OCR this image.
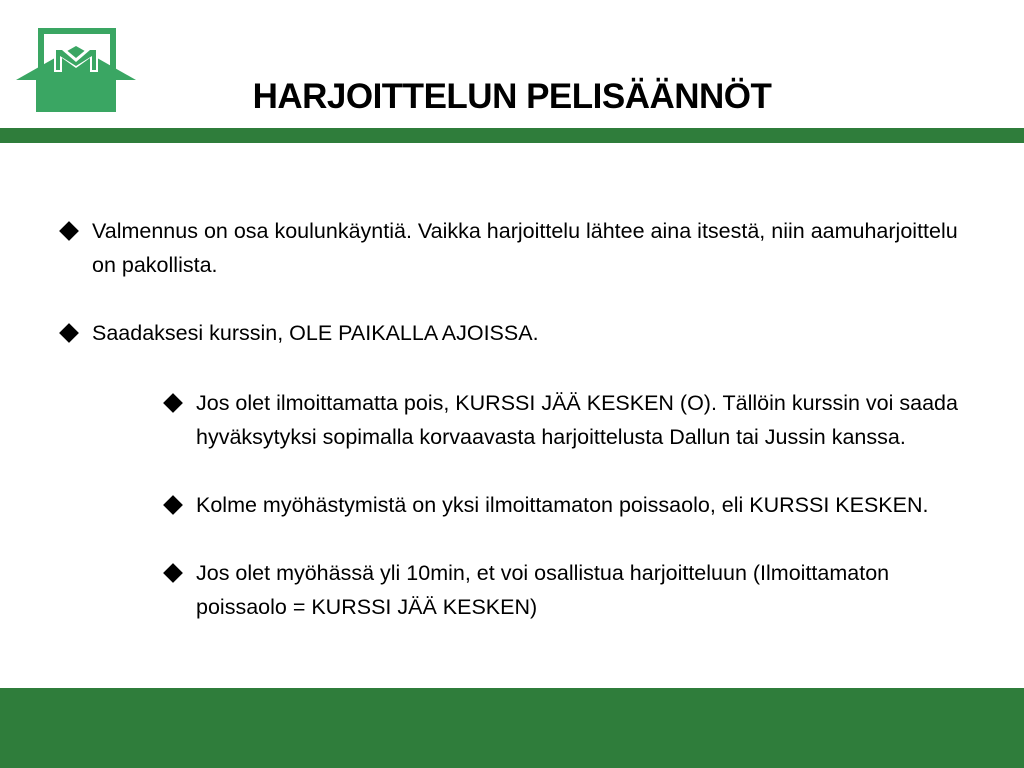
HARJOITTELUN PELISÄÄNNÖT
Valmennus on osa koulunkäyntiä. Vaikka harjoittelu lähtee aina itsestä, niin aamuharjoittelu on pakollista.
Saadaksesi kurssin, OLE PAIKALLA AJOISSA.
Jos olet ilmoittamatta pois, KURSSI JÄÄ KESKEN (O). Tällöin kurssin voi saada hyväksytyksi sopimalla korvaavasta harjoittelusta Dallun tai Jussin kanssa.
Kolme myöhästymistä on yksi ilmoittamaton poissaolo, eli KURSSI KESKEN.
Jos olet myöhässä yli 10min, et voi osallistua harjoitteluun (Ilmoittamaton poissaolo = KURSSI JÄÄ KESKEN)
